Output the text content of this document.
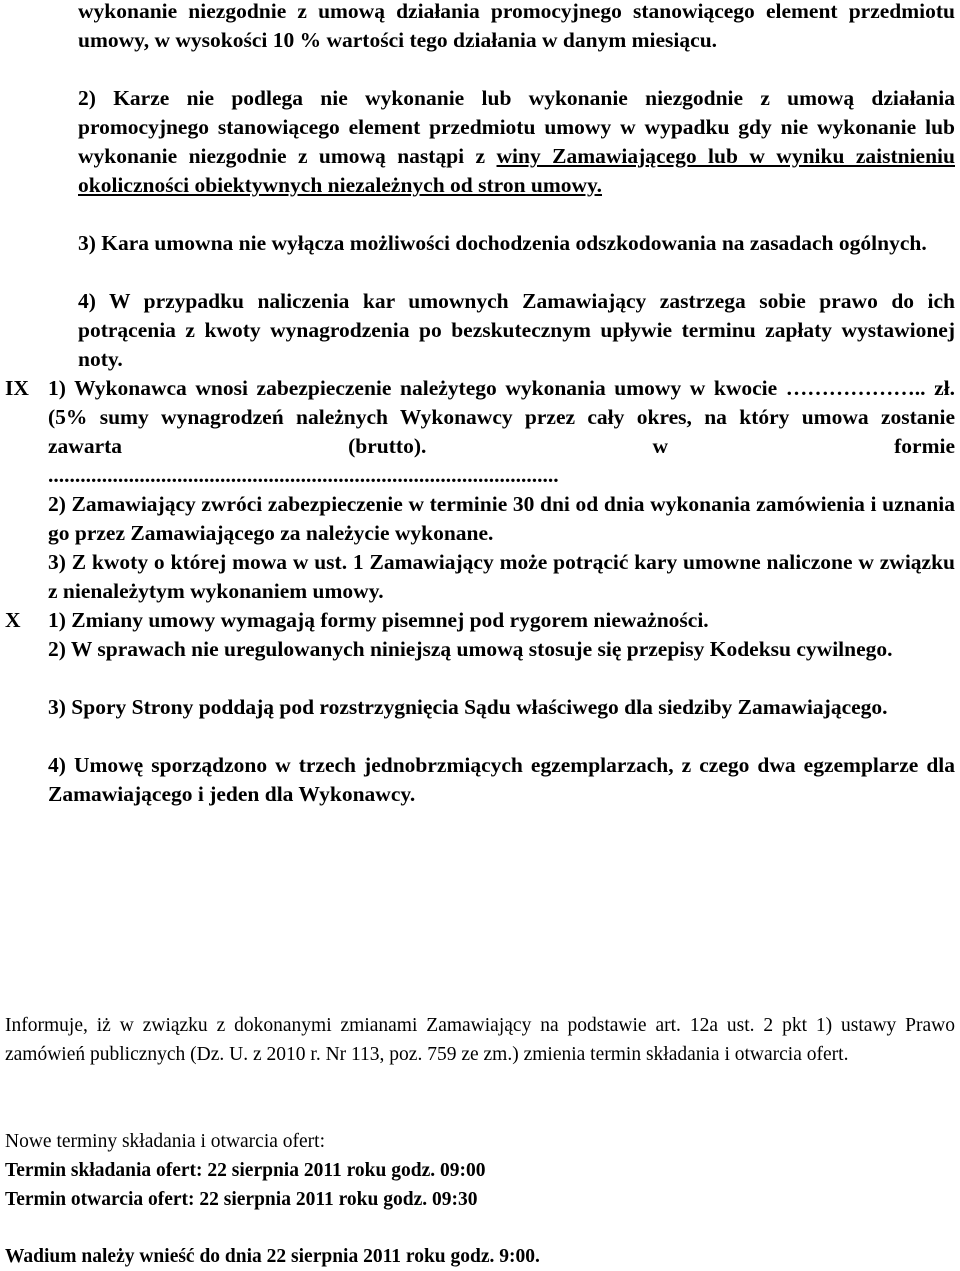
wykonanie niezgodnie z umową działania promocyjnego stanowiącego element przedmiotu umowy, w wysokości 10 % wartości tego działania w danym miesiącu.
2) Karze nie podlega nie wykonanie lub wykonanie niezgodnie z umową działania promocyjnego stanowiącego element przedmiotu umowy w wypadku gdy nie wykonanie lub wykonanie niezgodnie z umową nastąpi z winy Zamawiającego lub w wyniku zaistnieniu okoliczności obiektywnych niezależnych od stron umowy.
3) Kara umowna nie wyłącza możliwości dochodzenia odszkodowania na zasadach ogólnych.
4) W przypadku naliczenia kar umownych Zamawiający zastrzega sobie prawo do ich potrącenia z kwoty wynagrodzenia po bezskutecznym upływie terminu zapłaty wystawionej noty.
IX 1) Wykonawca wnosi zabezpieczenie należytego wykonania umowy w kwocie ……………….. zł. (5% sumy wynagrodzeń należnych Wykonawcy przez cały okres, na który umowa zostanie zawarta (brutto). w formie
...............................................................................................
2) Zamawiający zwróci zabezpieczenie w terminie 30 dni od dnia wykonania zamówienia i uznania go przez Zamawiającego za należycie wykonane.
3) Z kwoty o której mowa w ust. 1 Zamawiający może potrącić kary umowne naliczone w związku z nienależytym wykonaniem umowy.
X 1) Zmiany umowy wymagają formy pisemnej pod rygorem nieważności.
2) W sprawach nie uregulowanych niniejszą umową stosuje się przepisy Kodeksu cywilnego.
3) Spory Strony poddają pod rozstrzygnięcia Sądu właściwego dla siedziby Zamawiającego.
4) Umowę sporządzono w trzech jednobrzmiących egzemplarzach, z czego dwa egzemplarze dla Zamawiającego i jeden dla Wykonawcy.
Informuje, iż w związku z dokonanymi zmianami Zamawiający na podstawie art. 12a ust. 2 pkt 1) ustawy Prawo zamówień publicznych (Dz. U. z 2010 r. Nr 113, poz. 759 ze zm.) zmienia termin składania i otwarcia ofert.
Nowe terminy składania i otwarcia ofert:
Termin składania ofert: 22 sierpnia 2011 roku godz. 09:00
Termin otwarcia ofert: 22 sierpnia 2011 roku godz. 09:30
Wadium należy wnieść do dnia 22 sierpnia 2011 roku godz. 9:00.
